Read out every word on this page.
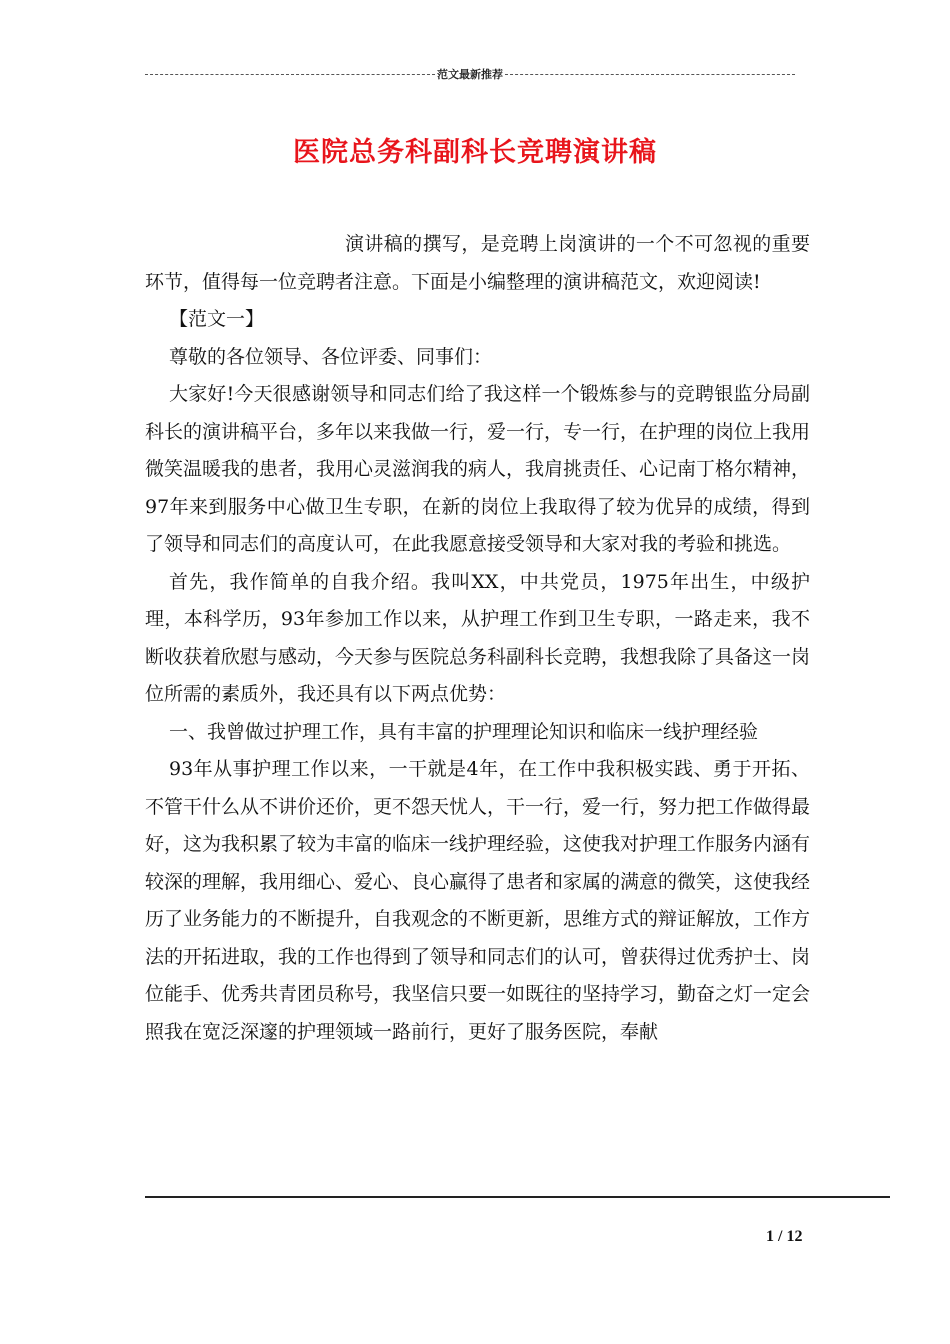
范文最新推荐
医院总务科副科长竞聘演讲稿

演讲稿的撰写，是竞聘上岗演讲的一个不可忽视的重要环节，值得每一位竞聘者注意。下面是小编整理的演讲稿范文，欢迎阅读!

【范文一】

尊敬的各位领导、各位评委、同事们：

大家好!今天很感谢领导和同志们给了我这样一个锻炼参与的竞聘银监分局副科长的演讲稿平台，多年以来我做一行，爱一行，专一行，在护理的岗位上我用微笑温暖我的患者，我用心灵滋润我的病人，我肩挑责任、心记南丁格尔精神，97年来到服务中心做卫生专职，在新的岗位上我取得了较为优异的成绩，得到了领导和同志们的高度认可，在此我愿意接受领导和大家对我的考验和挑选。

首先，我作简单的自我介绍。我叫XX，中共党员，1975年出生，中级护理，本科学历，93年参加工作以来，从护理工作到卫生专职，一路走来，我不断收获着欣慰与感动，今天参与医院总务科副科长竞聘，我想我除了具备这一岗位所需的素质外，我还具有以下两点优势：

一、我曾做过护理工作，具有丰富的护理理论知识和临床一线护理经验

93年从事护理工作以来，一干就是4年，在工作中我积极实践、勇于开拓、不管干什么从不讲价还价，更不怨天忧人，干一行，爱一行，努力把工作做得最好，这为我积累了较为丰富的临床一线护理经验，这使我对护理工作服务内涵有较深的理解，我用细心、爱心、良心赢得了患者和家属的满意的微笑，这使我经历了业务能力的不断提升，自我观念的不断更新，思维方式的辩证解放，工作方法的开拓进取，我的工作也得到了领导和同志们的认可，曾获得过优秀护士、岗位能手、优秀共青团员称号，我坚信只要一如既往的坚持学习，勤奋之灯一定会照我在宽泛深邃的护理领域一路前行，更好了服务医院，奉献

1 / 12
